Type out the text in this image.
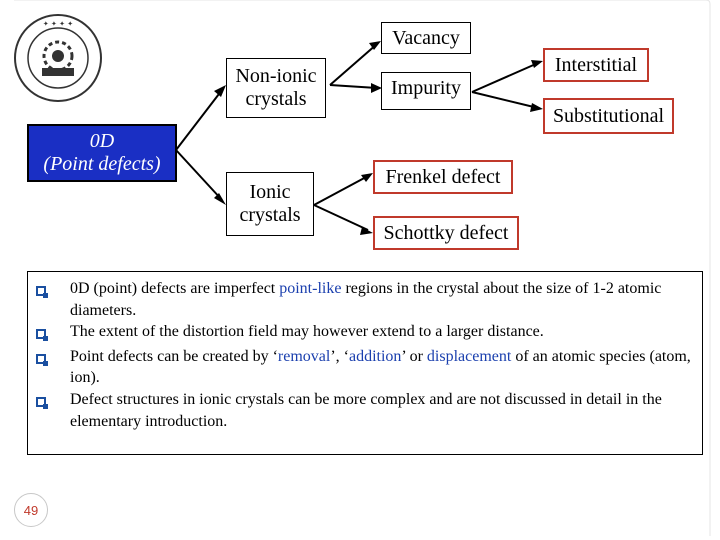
✦ ✦ ✦ ✦
0D
(Point defects)
Non-ionic crystals
Ionic crystals
Vacancy
Impurity
Interstitial
Substitutional
Frenkel defect
Schottky defect
0D (point) defects are imperfect point-like regions in the crystal about the size of 1-2 atomic diameters.
The extent of the distortion field may however extend to a larger distance.
Point defects can be created by ‘removal’, ‘addition’ or displacement of an atomic species (atom, ion).
Defect structures in ionic crystals can be more complex and are not discussed in detail in the elementary introduction.
49
